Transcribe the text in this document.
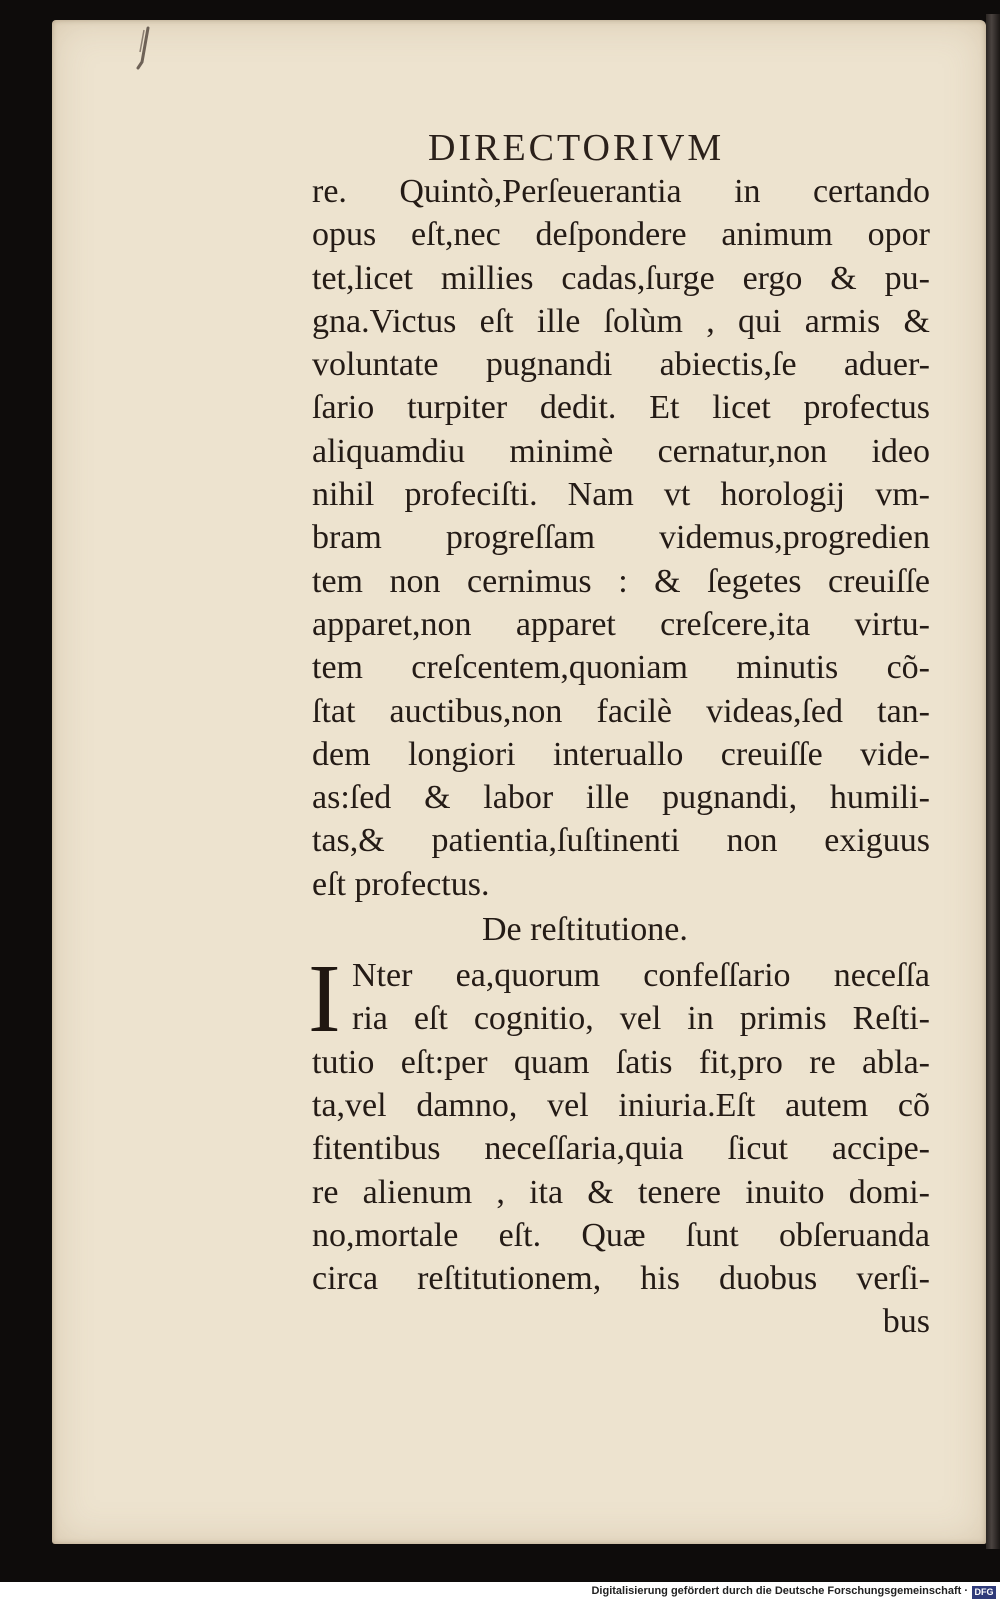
DIRECTORIVM
re. Quintò,Perſeuerantia in certando
opus eſt,nec deſpondere animum opor
tet,licet millies cadas,ſurge ergo & pu-
gna.Victus eſt ille ſolùm , qui armis &
voluntate pugnandi abiectis,ſe aduer-
ſario turpiter dedit. Et licet profectus
aliquamdiu minimè cernatur,non ideo
nihil profeciſti. Nam vt horologij vm-
bram progreſſam videmus,progredien
tem non cernimus : & ſegetes creuiſſe
apparet,non apparet creſcere,ita virtu-
tem creſcentem,quoniam minutis cõ-
ſtat auctibus,non facilè videas,ſed tan-
dem longiori interuallo creuiſſe vide-
as:ſed & labor ille pugnandi, humili-
tas,& patientia,ſuſtinenti non exiguus
eſt profectus.
De reſtitutione.
I Nter ea,quorum confeſſario neceſſa
ria eſt cognitio, vel in primis Reſti-
tutio eſt:per quam ſatis fit,pro re abla-
ta,vel damno, vel iniuria.Eſt autem cõ
fitentibus neceſſaria,quia ſicut accipe-
re alienum , ita & tenere inuito domi-
no,mortale eſt. Quæ ſunt obſeruanda
circa reſtitutionem, his duobus verſi-
bus
Digitalisierung gefördert durch die Deutsche Forschungsgemeinschaft · DFG
